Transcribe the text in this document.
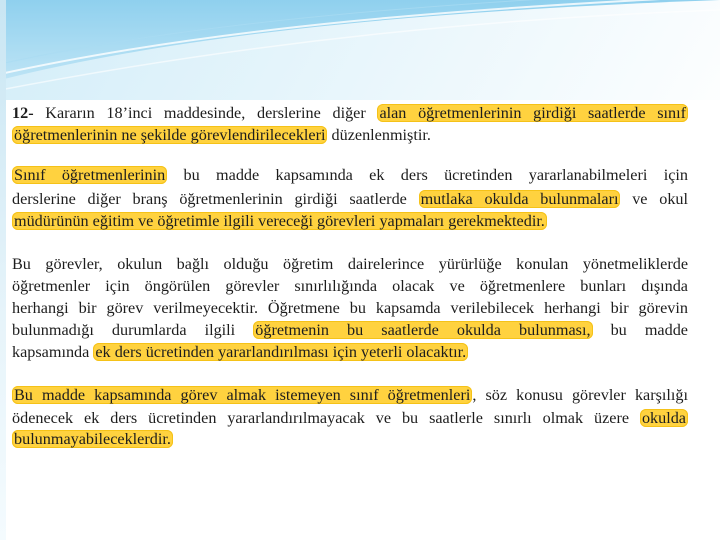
12- Kararın 18’inci maddesinde, derslerine diğer alan öğretmenlerinin girdiği saatlerde sınıf
öğretmenlerinin ne şekilde görevlendirilecekleri düzenlenmiştir.
Sınıf öğretmenlerinin bu madde kapsamında ek ders ücretinden yararlanabilmeleri için
derslerine diğer branş öğretmenlerinin girdiği saatlerde mutlaka okulda bulunmaları ve okul
müdürünün eğitim ve öğretimle ilgili vereceği görevleri yapmaları gerekmektedir.
Bu görevler, okulun bağlı olduğu öğretim dairelerince yürürlüğe konulan yönetmeliklerde
öğretmenler için öngörülen görevler sınırlılığında olacak ve öğretmenlere bunları dışında
herhangi bir görev verilmeyecektir. Öğretmene bu kapsamda verilebilecek herhangi bir görevin
bulunmadığı durumlarda ilgili öğretmenin bu saatlerde okulda bulunması, bu madde
kapsamında ek ders ücretinden yararlandırılması için yeterli olacaktır.
Bu madde kapsamında görev almak istemeyen sınıf öğretmenleri , söz konusu görevler karşılığı
ödenecek ek ders ücretinden yararlandırılmayacak ve bu saatlerle sınırlı olmak üzere okulda
bulunmayabileceklerdir.
